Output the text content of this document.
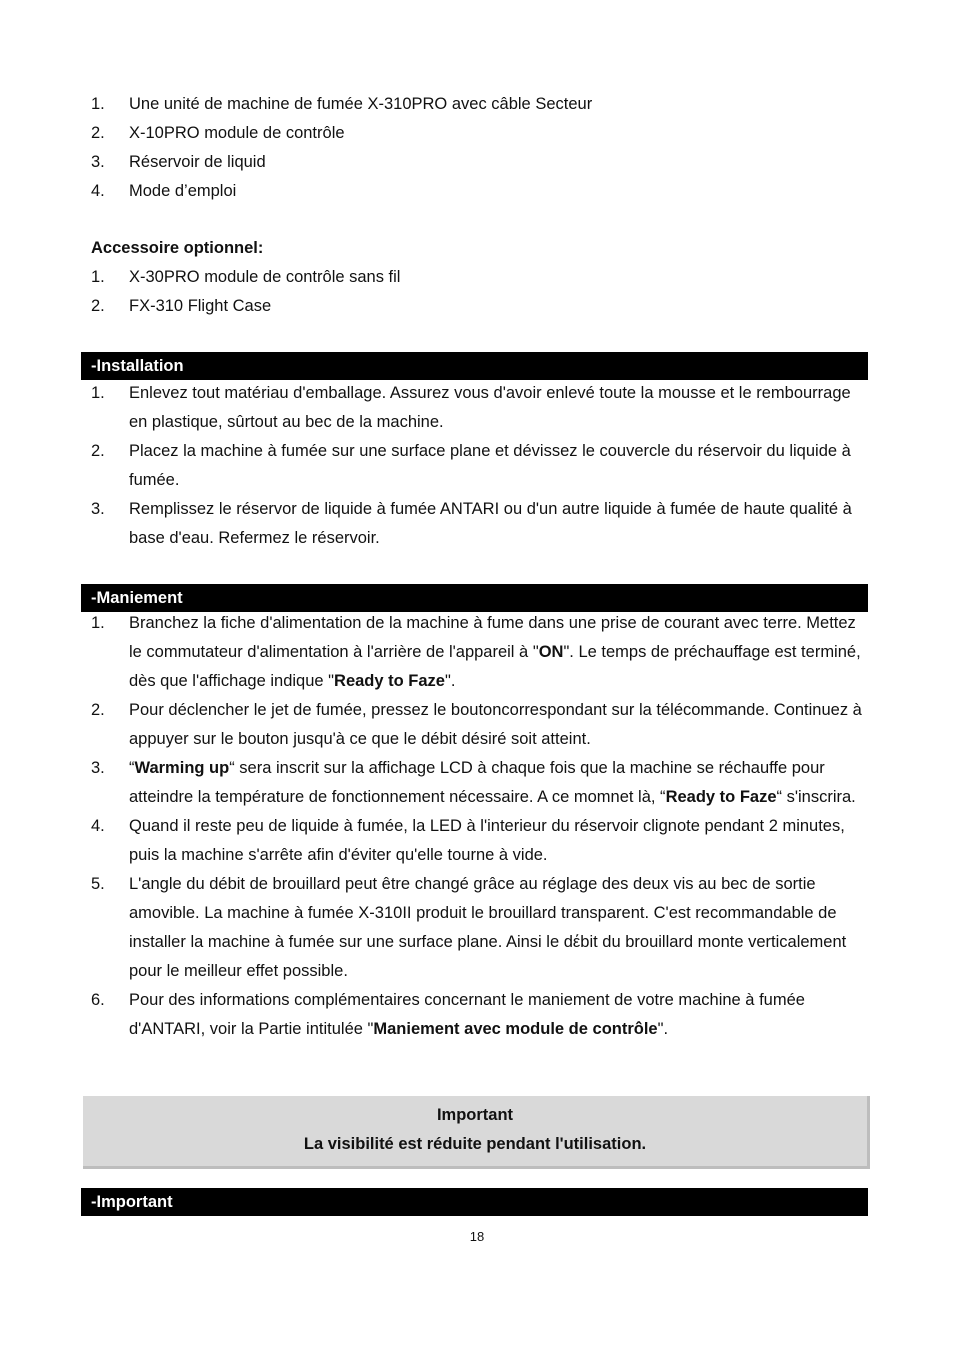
1.	Une unité de machine de fumée X-310PRO avec câble Secteur
2.	X-10PRO module de contrôle
3.	Réservoir de liquid
4.	Mode d’emploi
Accessoire optionnel:
1.	X-30PRO module de contrôle sans fil
2.	FX-310 Flight Case
-Installation
1.	Enlevez tout matériau d'emballage. Assurez vous d'avoir enlevé toute la mousse et le rembourrage en plastique, sûrtout au bec de la machine.
2.	Placez la machine à fumée sur une surface plane et dévissez le couvercle du réservoir du liquide à fumée.
3.	Remplissez le réservor de liquide à fumée ANTARI ou d'un autre liquide à fumée de haute qualité à base d'eau. Refermez le réservoir.
-Maniement
1.	Branchez la fiche d'alimentation de la machine à fume dans une prise de courant avec terre. Mettez le commutateur d'alimentation à l'arrière de l'appareil à "ON". Le temps de préchauffage est terminé, dès que l'affichage indique "Ready to Faze".
2.	Pour déclencher le jet de fumée, pressez le boutoncorrespondant sur la télécommande. Continuez à appuyer sur le bouton jusqu'à ce que le débit désiré soit atteint.
3.	“Warming up“ sera inscrit sur la affichage LCD à chaque fois que la machine se réchauffe pour atteindre la température de fonctionnement nécessaire. A ce momnet là, “Ready to Faze“ s'inscrira.
4.	Quand il reste peu de liquide à fumée, la LED à l'interieur du réservoir clignote pendant 2 minutes, puis la machine s'arrête afin d'éviter qu'elle tourne à vide.
5.	L'angle du débit de brouillard peut être changé grâce au réglage des deux vis au bec de sortie amovible. La machine à fumée X-310II produit le brouillard transparent. C'est recommandable de installer la machine à fumée sur une surface plane. Ainsi le dέbit du brouillard monte verticalement pour le meilleur effet possible.
6.	Pour des informations complémentaires concernant le maniement de votre machine à fumée d'ANTARI, voir la Partie intitulée "Maniement avec module de contrôle".
Important
La visibilité est réduite pendant l'utilisation.
-Important
18
